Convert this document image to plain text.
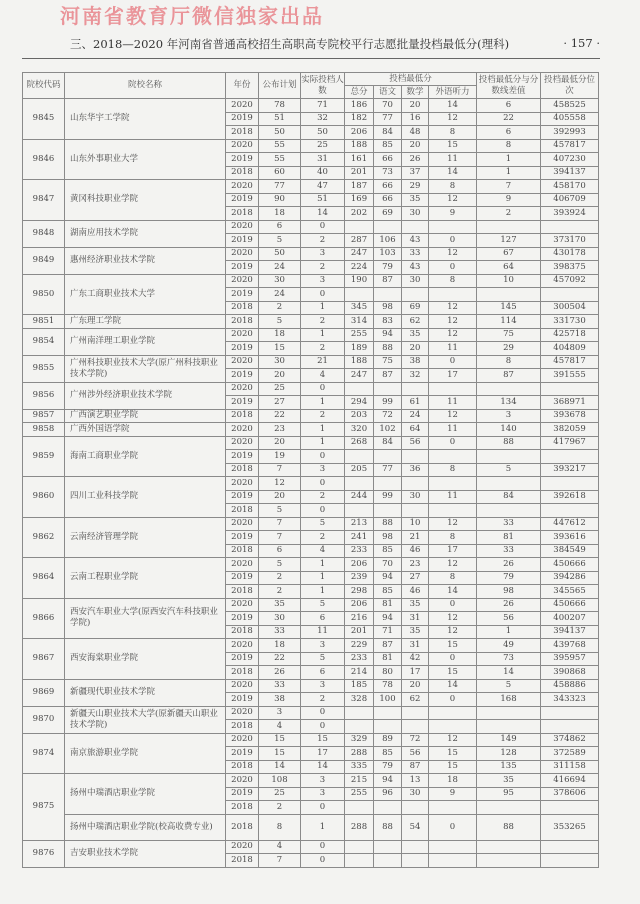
河南省教育厅微信独家出品
三、2018—2020 年河南省普通高校招生高职高专院校平行志愿批量投档最低分(理科)	· 157 ·
院校代码	院校名称	年份	公布计划	实际投档人数	投档最低分				投档最低分与分数线差值	投档最低分位次
					总分	语文	数学	外语听力		
9845	山东华宇工学院	2020	78	71	186	70	20	14	6	458525
		2019	51	32	182	77	16	12	22	405558
		2018	50	50	206	84	48	8	6	392993
9846	山东外事职业大学	2020	55	25	188	85	20	15	8	457817
		2019	55	31	161	66	26	11	1	407230
		2018	60	40	201	73	37	14	1	394137
9847	黄冈科技职业学院	2020	77	47	187	66	29	8	7	458170
		2019	90	51	169	66	35	12	9	406709
		2018	18	14	202	69	30	9	2	393924
9848	湖南应用技术学院	2020	6	0						
		2019	5	2	287	106	43	0	127	373170
9849	惠州经济职业技术学院	2020	50	3	247	103	33	12	67	430178
		2019	24	2	224	79	43	0	64	398375
9850	广东工商职业技术大学	2020	30	3	190	87	30	8	10	457092
		2019	24	0						
		2018	2	1	345	98	69	12	145	300504
9851	广东理工学院	2018	5	2	314	83	62	12	114	331730
9854	广州南洋理工职业学院	2020	18	1	255	94	35	12	75	425718
		2019	15	2	189	88	20	11	29	404809
9855	广州科技职业技术大学(原广州科技职业技术学院)	2020	30	21	188	75	38	0	8	457817
		2019	20	4	247	87	32	17	87	391555
9856	广州涉外经济职业技术学院	2020	25	0						
		2019	27	1	294	99	61	11	134	368971
9857	广西演艺职业学院	2018	22	2	203	72	24	12	3	393678
9858	广西外国语学院	2020	23	1	320	102	64	11	140	382059
9859	海南工商职业学院	2020	20	1	268	84	56	0	88	417967
		2019	19	0						
		2018	7	3	205	77	36	8	5	393217
9860	四川工业科技学院	2020	12	0						
		2019	20	2	244	99	30	11	84	392618
		2018	5	0						
9862	云南经济管理学院	2020	7	5	213	88	10	12	33	447612
		2019	7	2	241	98	21	8	81	393616
		2018	6	4	233	85	46	17	33	384549
9864	云南工程职业学院	2020	5	1	206	70	23	12	26	450666
		2019	2	1	239	94	27	8	79	394286
		2018	2	1	298	85	46	14	98	345565
9866	西安汽车职业大学(原西安汽车科技职业学院)	2020	35	5	206	81	35	0	26	450666
		2019	30	6	216	94	31	12	56	400207
		2018	33	11	201	71	35	12	1	394137
9867	西安海棠职业学院	2020	18	3	229	87	31	15	49	439768
		2019	22	5	233	81	42	0	73	395957
		2018	26	6	214	80	17	15	14	390868
9869	新疆现代职业技术学院	2020	33	3	185	78	20	14	5	458886
		2019	38	2	328	100	62	0	168	343323
9870	新疆天山职业技术大学(原新疆天山职业技术学院)	2020	3	0						
		2018	4	0						
9874	南京旅游职业学院	2020	15	15	329	89	72	12	149	374862
		2019	15	17	288	85	56	15	128	372589
		2018	14	14	335	79	87	15	135	311158
9875	扬州中瑞酒店职业学院	2020	108	3	215	94	13	18	35	416694
		2019	25	3	255	96	30	9	95	378606
		2018	2	0						
	扬州中瑞酒店职业学院(校高收费专业)	2018	8	1	288	88	54	0	88	353265
9876	吉安职业技术学院	2020	4	0						
		2018	7	0						
